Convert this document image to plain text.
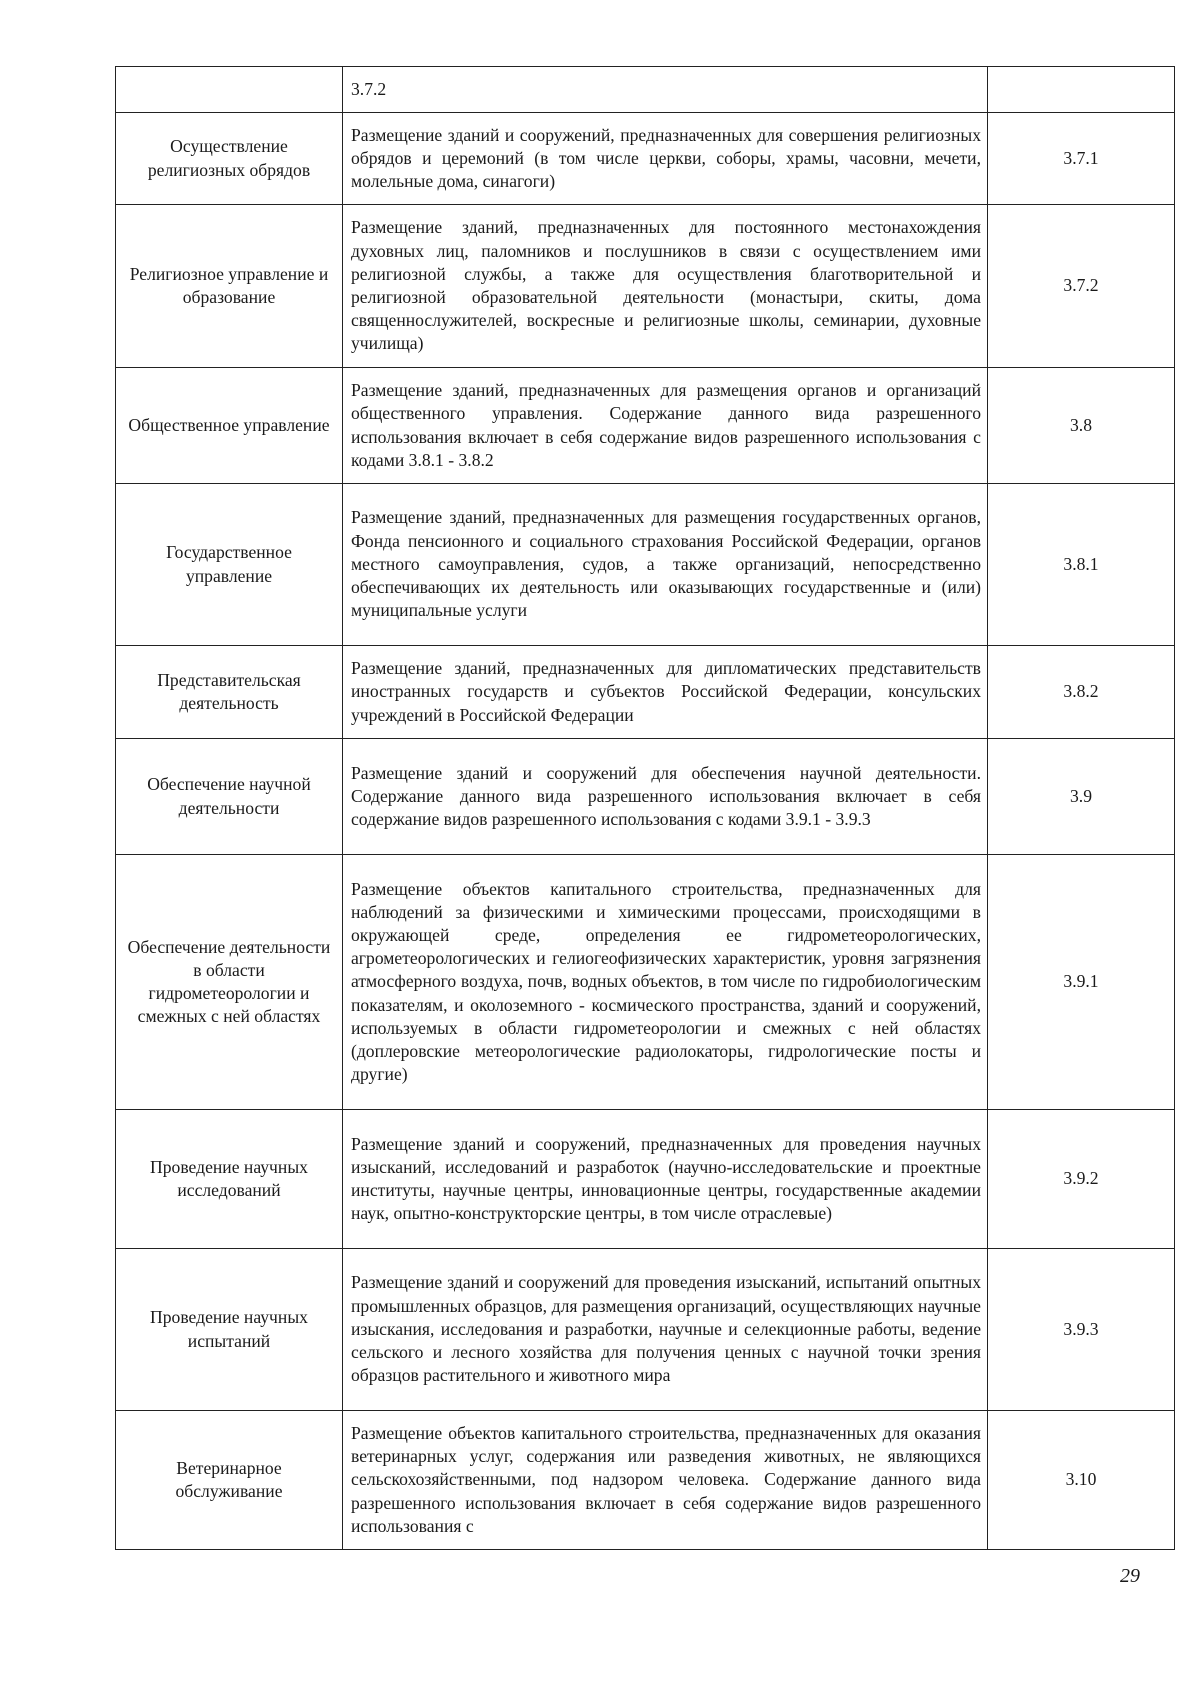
	3.7.2	
Осуществление религиозных обрядов	Размещение зданий и сооружений, предназначенных для совершения религиозных обрядов и церемоний (в том числе церкви, соборы, храмы, часовни, мечети, молельные дома, синагоги)	3.7.1
Религиозное управление и образование	Размещение зданий, предназначенных для постоянного местонахождения духовных лиц, паломников и послушников в связи с осуществлением ими религиозной службы, а также для осуществления благотворительной и религиозной образовательной деятельности (монастыри, скиты, дома священнослужителей, воскресные и религиозные школы, семинарии, духовные училища)	3.7.2
Общественное управление	Размещение зданий, предназначенных для размещения органов и организаций общественного управления. Содержание данного вида разрешенного использования включает в себя содержание видов разрешенного использования с кодами 3.8.1 - 3.8.2	3.8
Государственное управление	Размещение зданий, предназначенных для размещения государственных органов, Фонда пенсионного и социального страхования Российской Федерации, органов местного самоуправления, судов, а также организаций, непосредственно обеспечивающих их деятельность или оказывающих государственные и (или) муниципальные услуги	3.8.1
Представительская деятельность	Размещение зданий, предназначенных для дипломатических представительств иностранных государств и субъектов Российской Федерации, консульских учреждений в Российской Федерации	3.8.2
Обеспечение научной деятельности	Размещение зданий и сооружений для обеспечения научной деятельности. Содержание данного вида разрешенного использования включает в себя содержание видов разрешенного использования с кодами 3.9.1 - 3.9.3	3.9
Обеспечение деятельности в области гидрометеорологии и смежных с ней областях	Размещение объектов капитального строительства, предназначенных для наблюдений за физическими и химическими процессами, происходящими в окружающей среде, определения ее гидрометеорологических, агрометеорологических и гелиогеофизических характеристик, уровня загрязнения атмосферного воздуха, почв, водных объектов, в том числе по гидробиологическим показателям, и околоземного - космического пространства, зданий и сооружений, используемых в области гидрометеорологии и смежных с ней областях (доплеровские метеорологические радиолокаторы, гидрологические посты и другие)	3.9.1
Проведение научных исследований	Размещение зданий и сооружений, предназначенных для проведения научных изысканий, исследований и разработок (научно-исследовательские и проектные институты, научные центры, инновационные центры, государственные академии наук, опытно-конструкторские центры, в том числе отраслевые)	3.9.2
Проведение научных испытаний	Размещение зданий и сооружений для проведения изысканий, испытаний опытных промышленных образцов, для размещения организаций, осуществляющих научные изыскания, исследования и разработки, научные и селекционные работы, ведение сельского и лесного хозяйства для получения ценных с научной точки зрения образцов растительного и животного мира	3.9.3
Ветеринарное обслуживание	Размещение объектов капитального строительства, предназначенных для оказания ветеринарных услуг, содержания или разведения животных, не являющихся сельскохозяйственными, под надзором человека. Содержание данного вида разрешенного использования включает в себя содержание видов разрешенного использования с	3.10
29
